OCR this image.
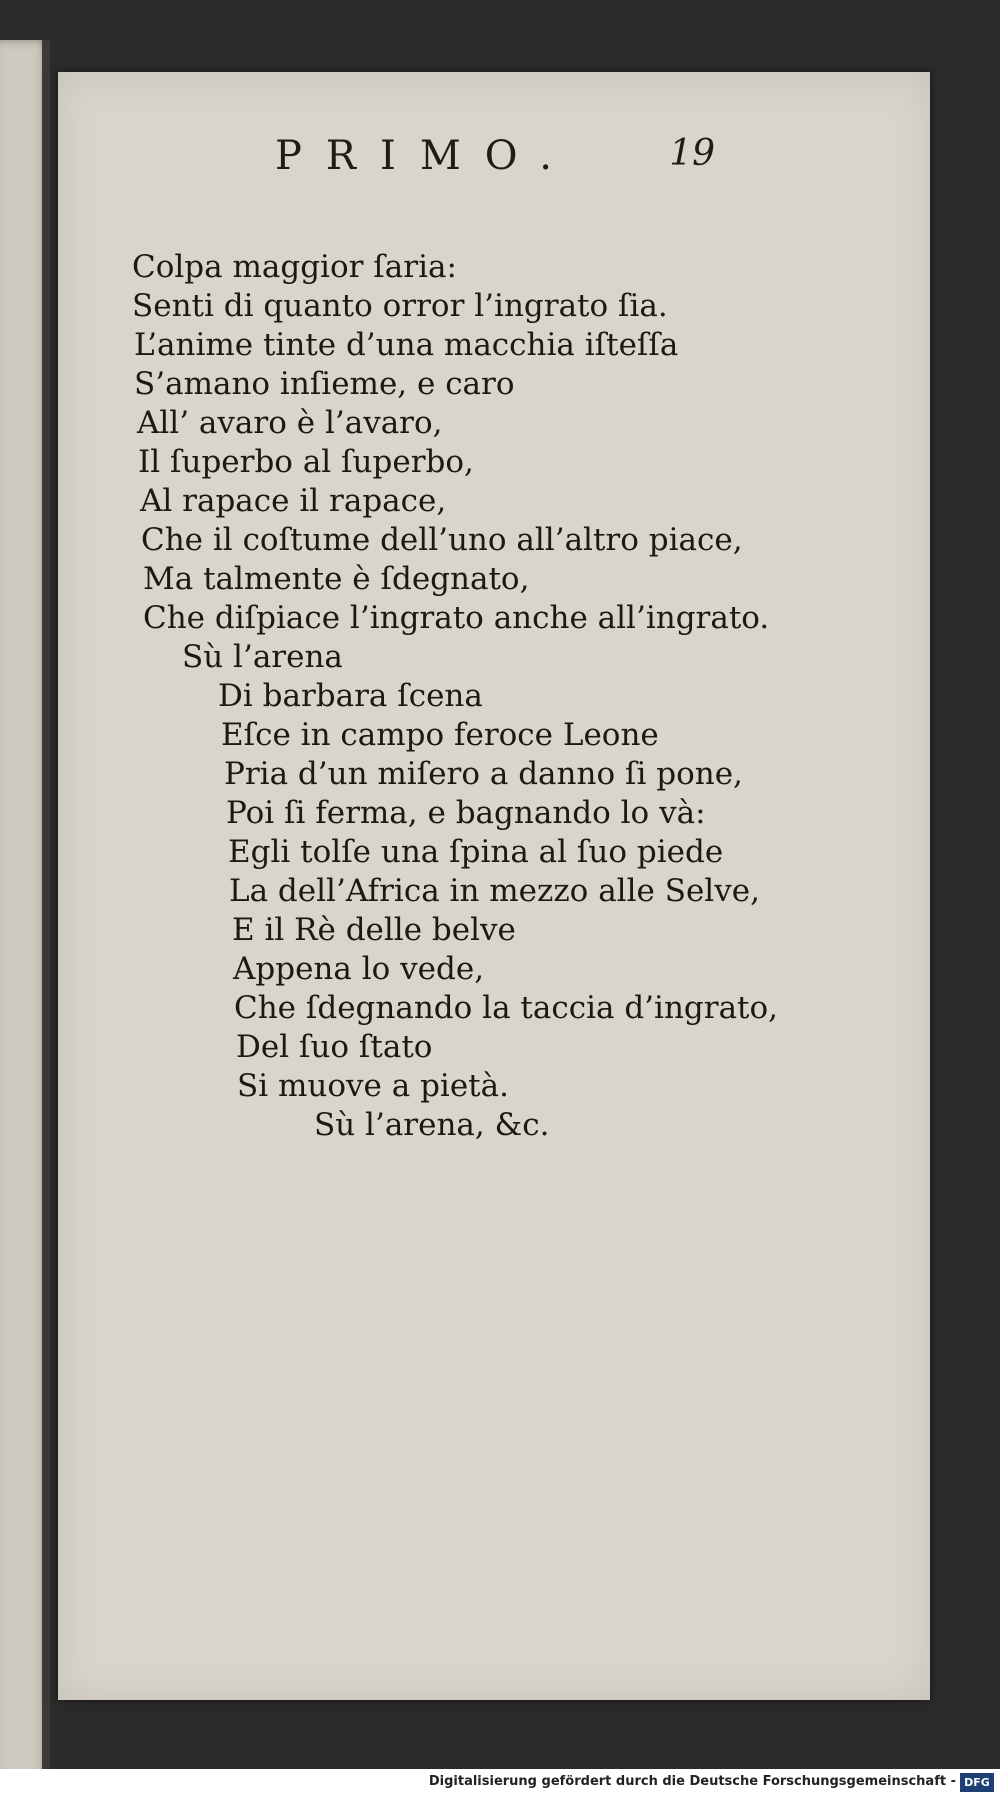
PRIMO.	19
Colpa maggior ſaria:
Senti di quanto orror l’ingrato ſia.
L’anime tinte d’una macchia iſteſſa
S’amano inſieme, e caro
All’ avaro è l’avaro,
Il ſuperbo al ſuperbo,
Al rapace il rapace,
Che il coſtume dell’uno all’altro piace,
Ma talmente è ſdegnato,
Che diſpiace l’ingrato anche all’ingrato.
Sù l’arena
Di barbara ſcena
Eſce in campo feroce Leone
Pria d’un miſero a danno ſi pone,
Poi ſi ferma, e bagnando lo và:
Egli tolſe una ſpina al ſuo piede
La dell’Africa in mezzo alle Selve,
E il Rè delle belve
Appena lo vede,
Che ſdegnando la taccia d’ingrato,
Del ſuo ſtato
Si muove a pietà.
Sù l’arena, &c.
Digitalisierung gefördert durch die Deutsche Forschungsgemeinschaft - DFG
